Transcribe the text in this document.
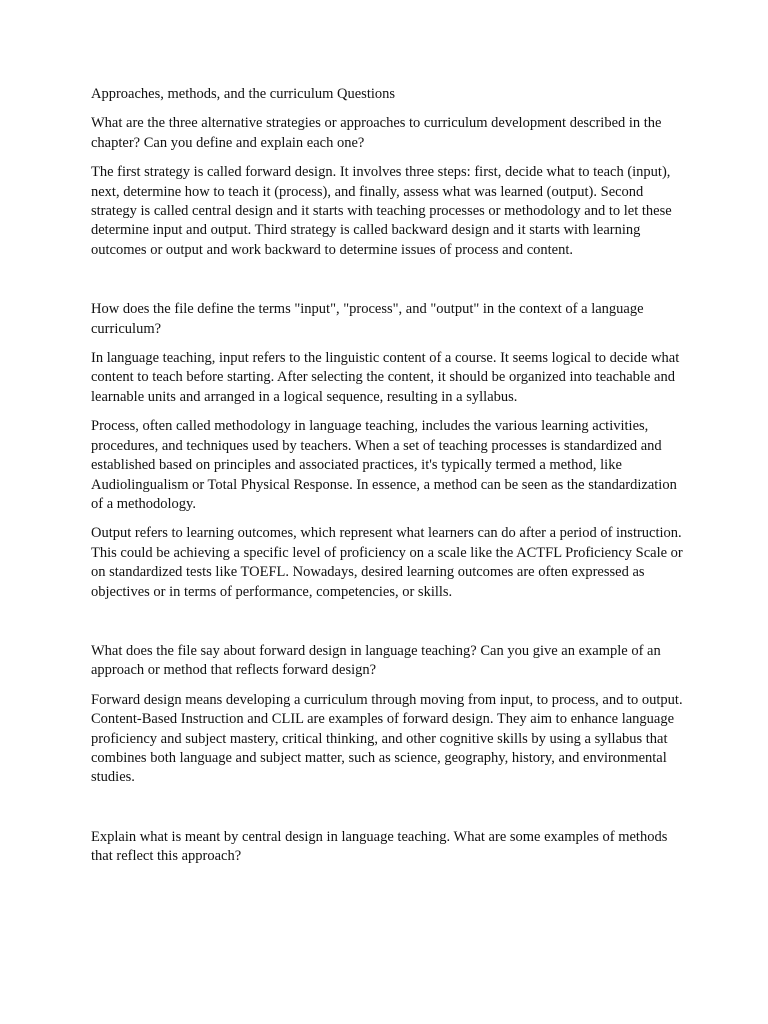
Approaches, methods, and the curriculum Questions

What are the three alternative strategies or approaches to curriculum development described in the chapter? Can you define and explain each one?

The first strategy is called forward design. It involves three steps: first, decide what to teach (input), next, determine how to teach it (process), and finally, assess what was learned (output). Second strategy is called central design and it starts with teaching processes or methodology and to let these determine input and output. Third strategy is called backward design and it starts with learning outcomes or output and work backward to determine issues of process and content.

How does the file define the terms "input", "process", and "output" in the context of a language curriculum?

In language teaching, input refers to the linguistic content of a course. It seems logical to decide what content to teach before starting. After selecting the content, it should be organized into teachable and learnable units and arranged in a logical sequence, resulting in a syllabus.

Process, often called methodology in language teaching, includes the various learning activities, procedures, and techniques used by teachers. When a set of teaching processes is standardized and established based on principles and associated practices, it's typically termed a method, like Audiolingualism or Total Physical Response. In essence, a method can be seen as the standardization of a methodology.

Output refers to learning outcomes, which represent what learners can do after a period of instruction. This could be achieving a specific level of proficiency on a scale like the ACTFL Proficiency Scale or on standardized tests like TOEFL. Nowadays, desired learning outcomes are often expressed as objectives or in terms of performance, competencies, or skills.

What does the file say about forward design in language teaching? Can you give an example of an approach or method that reflects forward design?

Forward design means developing a curriculum through moving from input, to process, and to output. Content-Based Instruction and CLIL are examples of forward design. They aim to enhance language proficiency and subject mastery, critical thinking, and other cognitive skills by using a syllabus that combines both language and subject matter, such as science, geography, history, and environmental studies.

Explain what is meant by central design in language teaching. What are some examples of methods that reflect this approach?
